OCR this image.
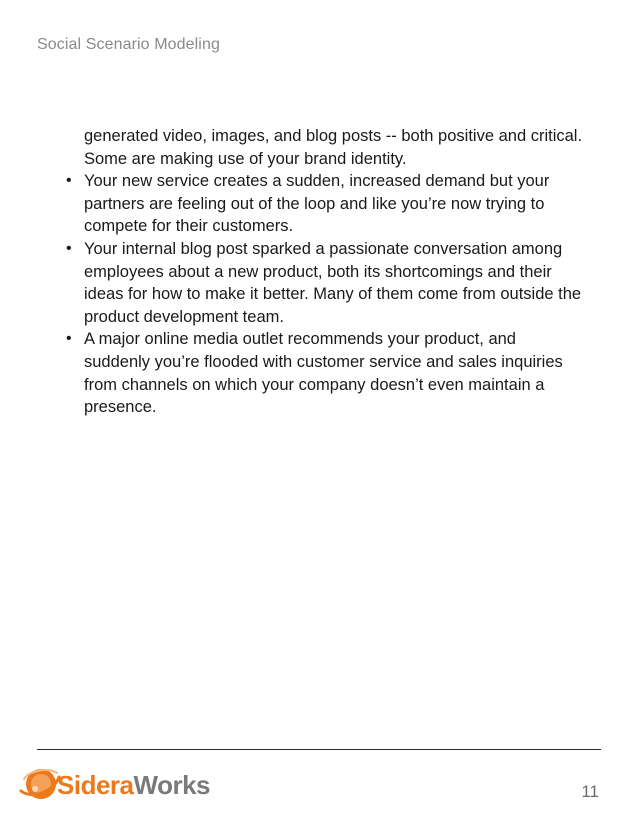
Social Scenario Modeling
generated video, images, and blog posts -- both positive and critical. Some are making use of your brand identity.
• Your new service creates a sudden, increased demand but your partners are feeling out of the loop and like you’re now trying to compete for their customers.
• Your internal blog post sparked a passionate conversation among employees about a new product, both its shortcomings and their ideas for how to make it better. Many of them come from outside the product development team.
• A major online media outlet recommends your product, and suddenly you’re flooded with customer service and sales inquiries from channels on which your company doesn’t even maintain a presence.
SideraWorks	11
